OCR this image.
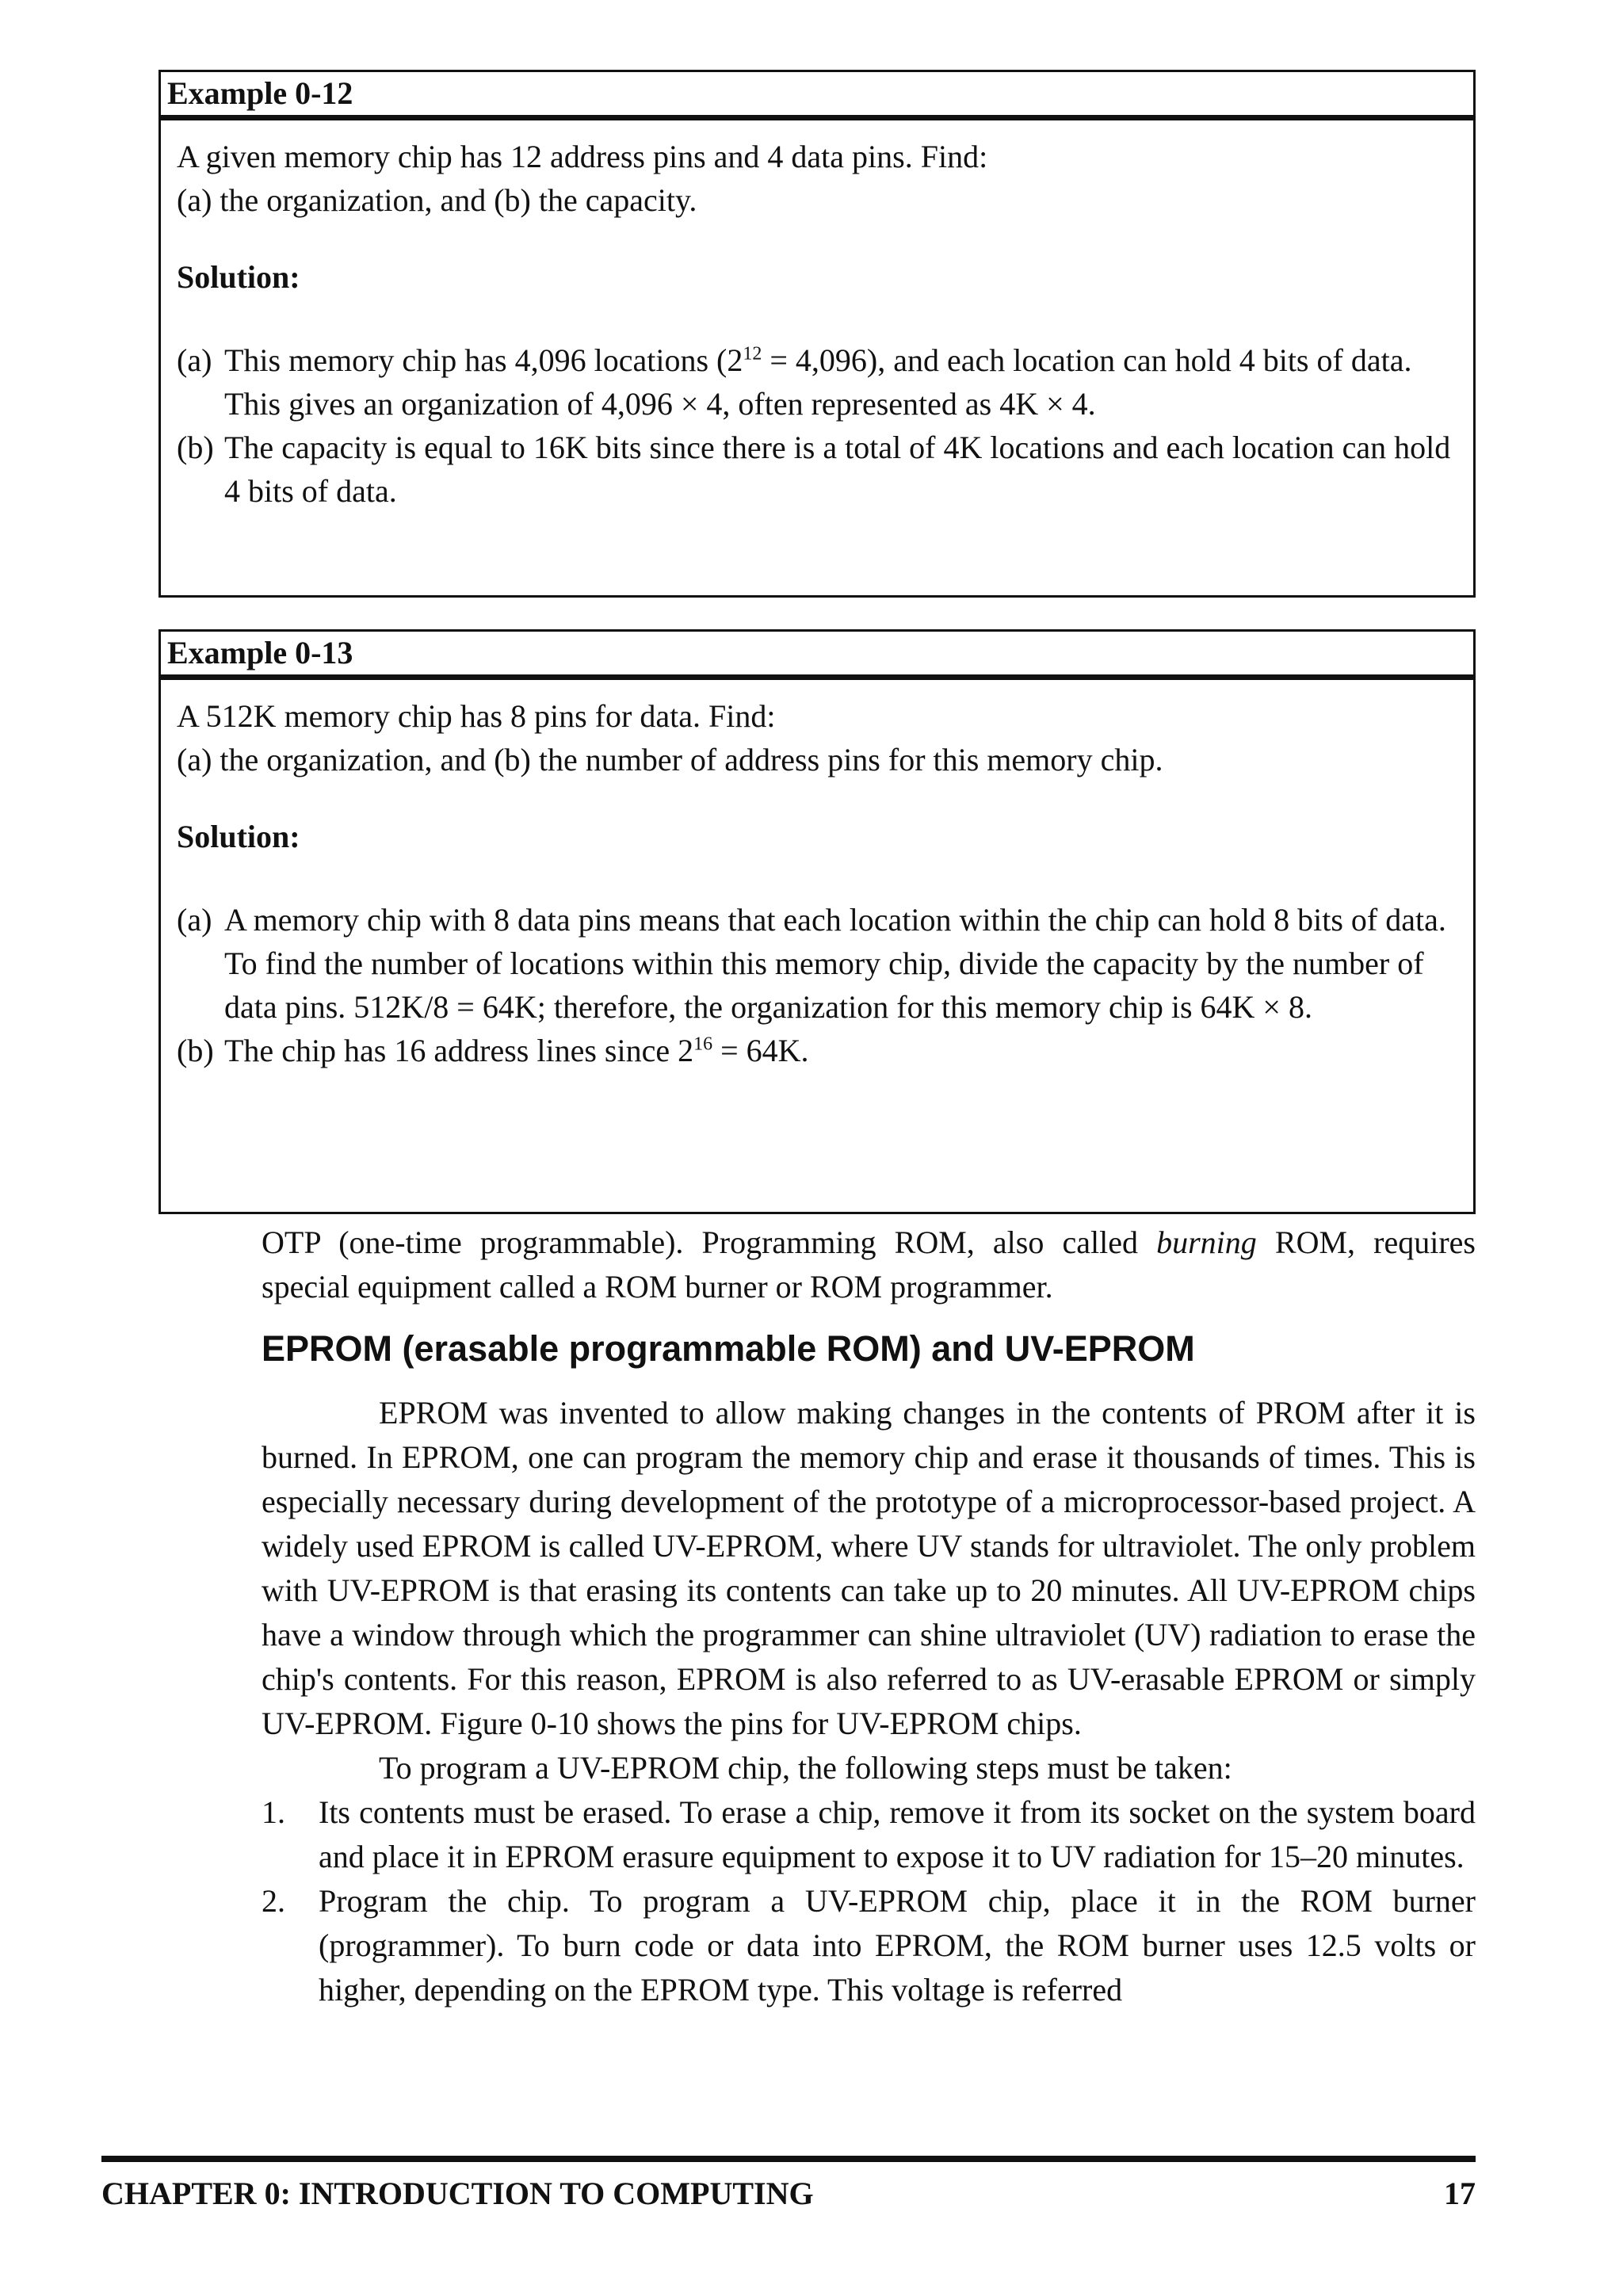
Example 0-12

A given memory chip has 12 address pins and 4 data pins. Find:

(a) the organization, and (b) the capacity.

Solution:

(a) This memory chip has 4,096 locations $(2^{12} = 4,096)$, and each location can hold 4 bits of data. This gives an organization of 4,096 × 4, often represented as 4K × 4.
(b) The capacity is equal to 16K bits since there is a total of 4K locations and each location can hold 4 bits of data.
Example 0-13

A 512K memory chip has 8 pins for data. Find:

(a) the organization, and (b) the number of address pins for this memory chip.

Solution:

(a) A memory chip with 8 data pins means that each location within the chip can hold 8 bits of data. To find the number of locations within this memory chip, divide the capacity by the number of data pins. 512K/8 = 64K; therefore, the organization for this memory chip is 64K × 8.
(b) The chip has 16 address lines since $2^{16} = 64K$.

OTP (one-time programmable). Programming ROM, also called burning ROM, requires special equipment called a ROM burner or ROM programmer.

EPROM (erasable programmable ROM) and UV-EPROM

EPROM was invented to allow making changes in the contents of PROM after it is burned. In EPROM, one can program the memory chip and erase it thousands of times. This is especially necessary during development of the prototype of a microprocessor-based project. A widely used EPROM is called UV-EPROM, where UV stands for ultraviolet. The only problem with UV-EPROM is that erasing its contents can take up to 20 minutes. All UV-EPROM chips have a window through which the programmer can shine ultraviolet (UV) radiation to erase the chip's contents. For this reason, EPROM is also referred to as UV-erasable EPROM or simply UV-EPROM. Figure 0-10 shows the pins for UV-EPROM chips.

To program a UV-EPROM chip, the following steps must be taken:

1.	Its contents must be erased. To erase a chip, remove it from its socket on the system board and place it in EPROM erasure equipment to expose it to UV radiation for 15–20 minutes.
2.	Program the chip. To program a UV-EPROM chip, place it in the ROM burner (programmer). To burn code or data into EPROM, the ROM burner uses 12.5 volts or higher, depending on the EPROM type. This voltage is referred
CHAPTER 0: INTRODUCTION TO COMPUTING	17
